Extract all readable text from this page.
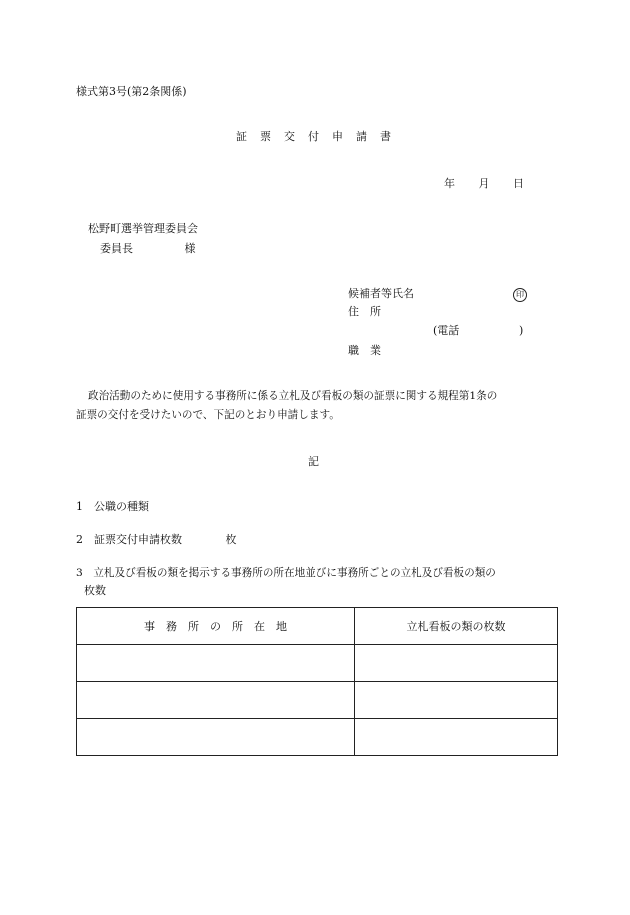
様式第3号(第2条関係)
証　票　交　付　申　請　書
年 月 日
松野町選挙管理委員会
委員長	様
候補者等氏名	印
住　所
(電話	)
職　業
政治活動のために使用する事務所に係る立札及び看板の類の証票に関する規程第1条の
証票の交付を受けたいので、下記のとおり申請します。
記
1　公職の種類
2　証票交付申請枚数	枚
3　立札及び看板の類を掲示する事務所の所在地並びに事務所ごとの立札及び看板の類の
枚数
事　務　所　の　所　在　地	立札看板の類の枚数
